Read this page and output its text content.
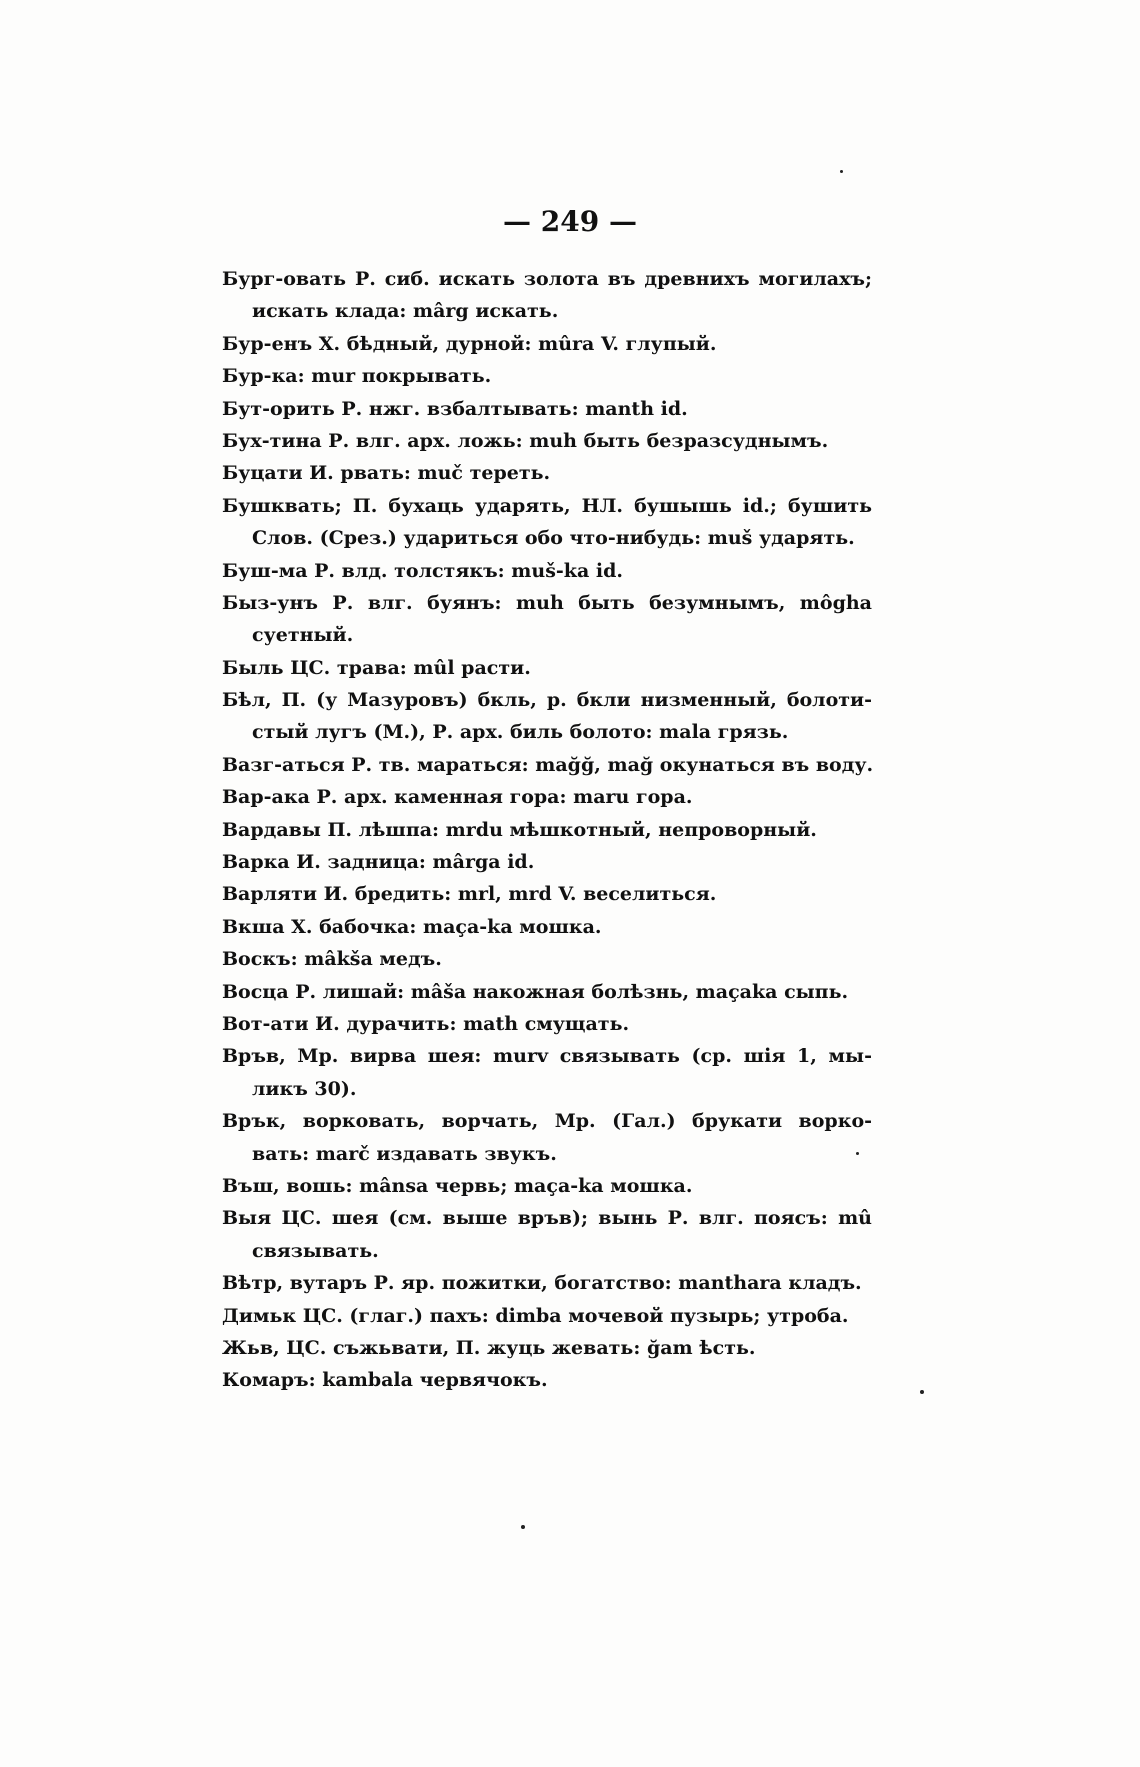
— 249 —
Бург-овать Р. сиб. искать золота въ древнихъ могилахъ;
искать клада: mârg искать.
Бур-енъ Х. бѣдный, дурной: mûra V. глупый.
Бур-ка: mur покрывать.
Бут-орить Р. нжг. взбалтывать: manth id.
Бух-тина Р. влг. арх. ложь: muh быть безразсуднымъ.
Буцати И. рвать: muč тереть.
Бушквать; П. бухаць ударять, НЛ. бушышь id.; бушить
Слов. (Срез.) удариться обо что-нибудь: muš ударять.
Буш-ма Р. влд. толстякъ: muš-ka id.
Быз-унъ Р. влг. буянъ: muh быть безумнымъ, môgha
суетный.
Быль ЦС. трава: mûl расти.
Бѣл, П. (у Мазуровъ) бкль, р. бкли низменный, болоти-
стый лугъ (М.), Р. арх. биль болото: mala грязь.
Вазг-аться Р. тв. мараться: mağğ, mağ окунаться въ воду.
Вар-ака Р. арх. каменная гора: maru гора.
Вардавы П. лѣшпа: mrdu мѣшкотный, непроворный.
Варка И. задница: mârga id.
Варляти И. бредить: mrl, mrd V. веселиться.
Вкша Х. бабочка: maça-ka мошка.
Воскъ: mâkša медъ.
Восца Р. лишай: mâša накожная болѣзнь, maçaka сыпь.
Вот-ати И. дурачить: math смущать.
Връв, Мр. вирва шея: murv связывать (ср. шія 1, мы-
ликъ 30).
Врък, ворковать, ворчать, Мр. (Гал.) брукати ворко-
вать: marč издавать звукъ.
Въш, вошь: mânsa червь; maça-ka мошка.
Выя ЦС. шея (см. выше връв); вынь Р. влг. поясъ: mû
связывать.
Вѣтр, вутаръ Р. яр. пожитки, богатство: manthara кладъ.
Димьк ЦС. (глаг.) пахъ: dimba мочевой пузырь; утроба.
Жьв, ЦС. съжьвати, П. жуць жевать: ğam ѣсть.
Комаръ: kambala червячокъ.
